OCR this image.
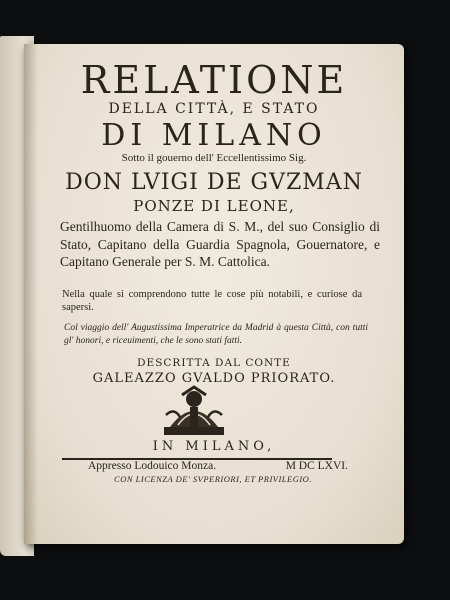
RELATIONE
DELLA CITTÀ, E STATO
DI MILANO
Sotto il gouerno dell' Eccellentissimo Sig.
DON LVIGI DE GVZMAN
PONZE DI LEONE,
Gentilhuomo della Camera di S. M., del suo Consiglio di Stato, Capitano della Guardia Spagnola, Gouernatore, e Capitano Generale per S. M. Cattolica.
Nella quale si comprendono tutte le cose più notabili, e curiose da sapersi.
Col viaggio dell' Augustissima Imperatrice da Madrid à questa Città, con tutti gl' honori, e riceuimenti, che le sono stati fatti.
DESCRITTA DAL CONTE
GALEAZZO GVALDO PRIORATO.
IN MILANO,
Appresso Lodouico Monza.	M DC LXVI.
CON LICENZA DE' SVPERIORI, ET PRIVILEGIO.
